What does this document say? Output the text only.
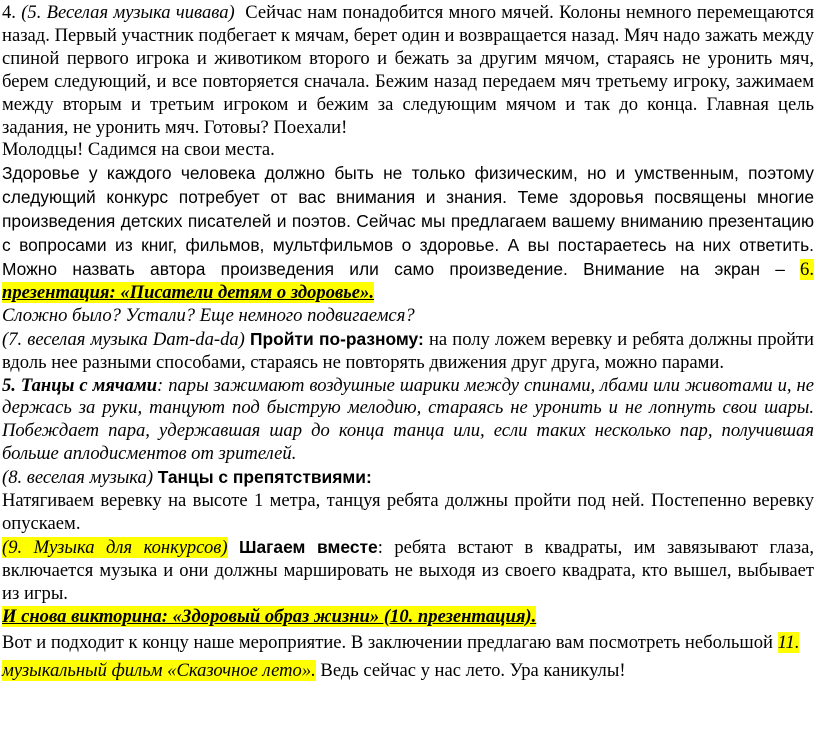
4. (5. Веселая музыка чивава) Сейчас нам понадобится много мячей. Колоны немного перемещаются назад. Первый участник подбегает к мячам, берет один и возвращается назад. Мяч надо зажать между спиной первого игрока и животиком второго и бежать за другим мячом, стараясь не уронить мяч, берем следующий, и все повторяется сначала. Бежим назад передаем мяч третьему игроку, зажимаем между вторым и третьим игроком и бежим за следующим мячом и так до конца. Главная цель задания, не уронить мяч. Готовы? Поехали!
Молодцы! Садимся на свои места.

Здоровье у каждого человека должно быть не только физическим, но и умственным, поэтому следующий конкурс потребует от вас внимания и знания. Теме здоровья посвящены многие произведения детских писателей и поэтов. Сейчас мы предлагаем вашему вниманию презентацию с вопросами из книг, фильмов, мультфильмов о здоровье. А вы постараетесь на них ответить. Можно назвать автора произведения или само произведение. Внимание на экран – 6. презентация: «Писатели детям о здоровье».

Сложно было? Устали? Еще немного подвигаемся?

(7. веселая музыка Dam-da-da) Пройти по-разному: на полу ложем веревку и ребята должны пройти вдоль нее разными способами, стараясь не повторять движения друг друга, можно парами.

5. Танцы с мячами: пары зажимают воздушные шарики между спинами, лбами или животами и, не держась за руки, танцуют под быструю мелодию, стараясь не уронить и не лопнуть свои шары. Побеждает пара, удержавшая шар до конца танца или, если таких несколько пар, получившая больше аплодисментов от зрителей.

(8. веселая музыка) Танцы с препятствиями:

Натягиваем веревку на высоте 1 метра, танцуя ребята должны пройти под ней. Постепенно веревку опускаем.

(9. Музыка для конкурсов) Шагаем вместе: ребята встают в квадраты, им завязывают глаза, включается музыка и они должны маршировать не выходя из своего квадрата, кто вышел, выбывает из игры.

И снова викторина: «Здоровый образ жизни» (10. презентация).

Вот и подходит к концу наше мероприятие. В заключении предлагаю вам посмотреть небольшой 11. музыкальный фильм «Сказочное лето». Ведь сейчас у нас лето. Ура каникулы!
